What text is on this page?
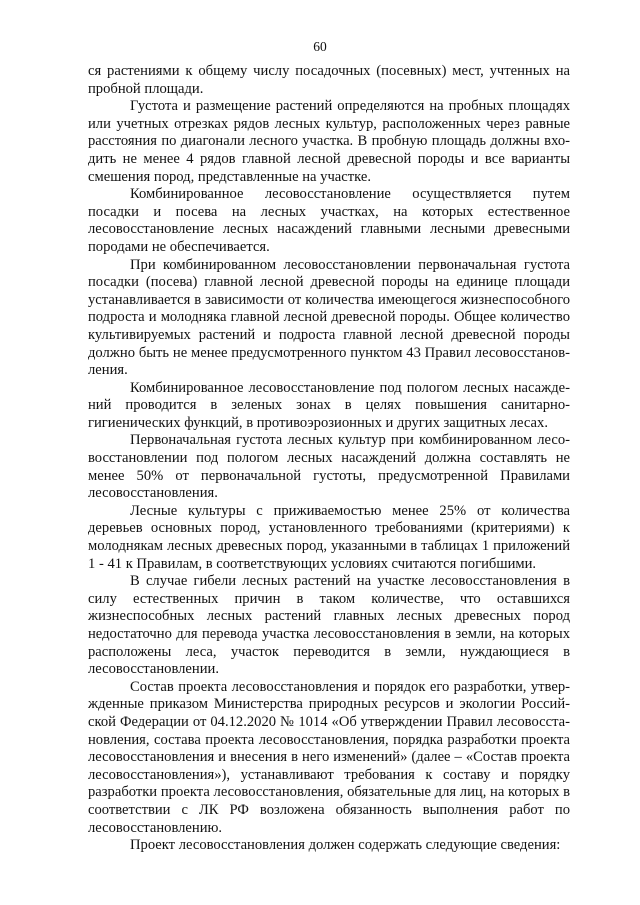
60

ся растениями к общему числу посадочных (посевных) мест, учтенных на пробной площади.

Густота и размещение растений определяются на пробных площадях или учетных отрезках рядов лесных культур, расположенных через равные расстояния по диагонали лесного участка. В пробную площадь должны входить не менее 4 рядов главной лесной древесной породы и все варианты смешения пород, представленные на участке.

Комбинированное лесовосстановление осуществляется путем посадки и посева на лесных участках, на которых естественное лесовосстановление лесных насаждений главными лесными древесными породами не обеспечивается.

При комбинированном лесовосстановлении первоначальная густота посадки (посева) главной лесной древесной породы на единице площади устанавливается в зависимости от количества имеющегося жизнеспособного подроста и молодняка главной лесной древесной породы. Общее количество культивируемых растений и подроста главной лесной древесной породы должно быть не менее предусмотренного пунктом 43 Правил лесовосстановления.

Комбинированное лесовосстановление под пологом лесных насаждений проводится в зеленых зонах в целях повышения санитарно-гигиенических функций, в противоэрозионных и других защитных лесах.

Первоначальная густота лесных культур при комбинированном лесовосстановлении под пологом лесных насаждений должна составлять не менее 50% от первоначальной густоты, предусмотренной Правилами лесовосстановления.

Лесные культуры с приживаемостью менее 25% от количества деревьев основных пород, установленного требованиями (критериями) к молоднякам лесных древесных пород, указанными в таблицах 1 приложений 1 - 41 к Правилам, в соответствующих условиях считаются погибшими.

В случае гибели лесных растений на участке лесовосстановления в силу естественных причин в таком количестве, что оставшихся жизнеспособных лесных растений главных лесных древесных пород недостаточно для перевода участка лесовосстановления в земли, на которых расположены леса, участок переводится в земли, нуждающиеся в лесовосстановлении.

Состав проекта лесовосстановления и порядок его разработки, утвержденные приказом Министерства природных ресурсов и экологии Российской Федерации от 04.12.2020 № 1014 «Об утверждении Правил лесовосстановления, состава проекта лесовосстановления, порядка разработки проекта лесовосстановления и внесения в него изменений» (далее – «Состав проекта лесовосстановления»), устанавливают требования к составу и порядку разработки проекта лесовосстановления, обязательные для лиц, на которых в соответствии с ЛК РФ возложена обязанность выполнения работ по лесовосстановлению.

Проект лесовосстановления должен содержать следующие сведения:
